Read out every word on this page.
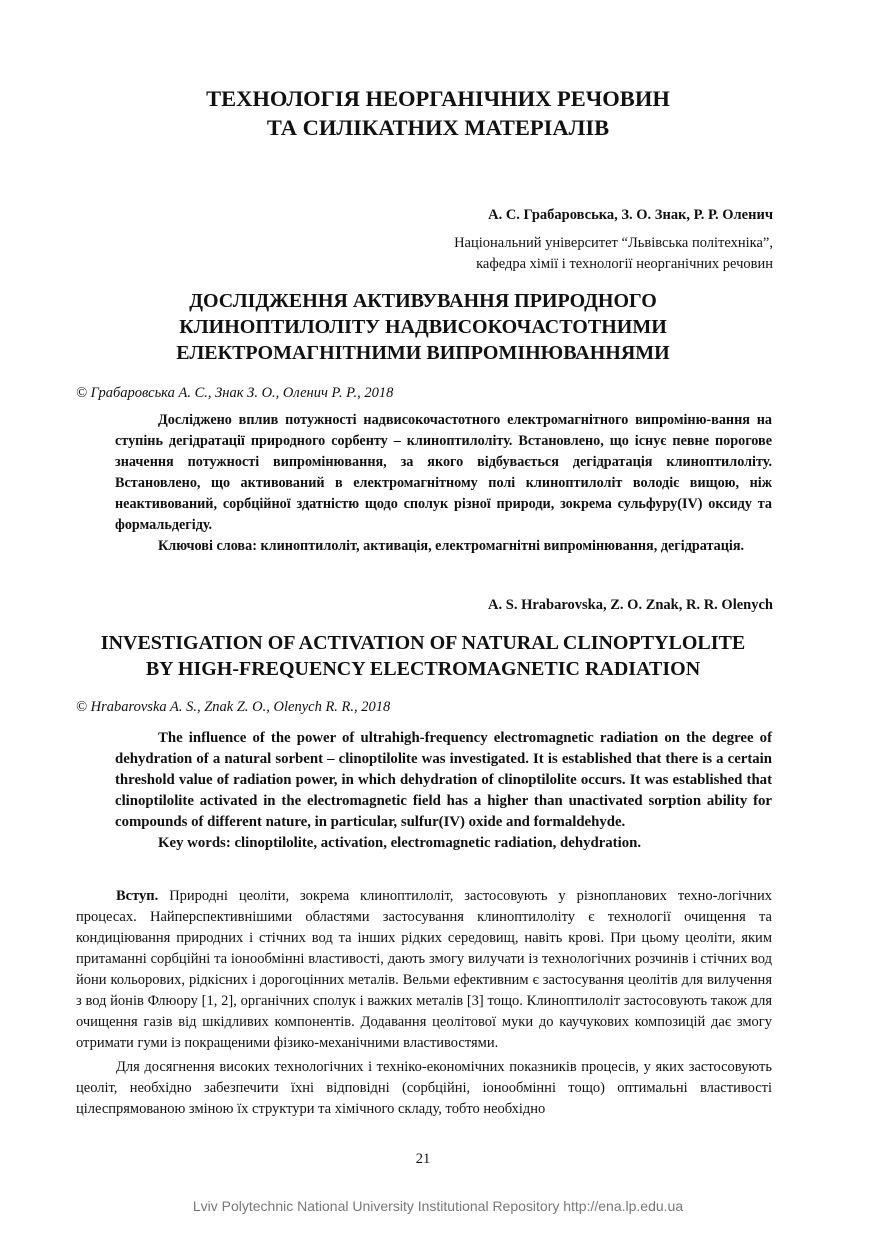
ТЕХНОЛОГІЯ НЕОРГАНІЧНИХ РЕЧОВИН
ТА СИЛІКАТНИХ МАТЕРІАЛІВ
А. С. Грабаровська, З. О. Знак, Р. Р. Оленич
Національний університет “Львівська політехніка”,
кафедра хімії і технології неорганічних речовин
ДОСЛІДЖЕННЯ АКТИВУВАННЯ ПРИРОДНОГО
КЛИНОПТИЛОЛІТУ НАДВИСОКОЧАСТОТНИМИ
ЕЛЕКТРОМАГНІТНИМИ ВИПРОМІНЮВАННЯМИ
© Грабаровська А. С., Знак З. О., Оленич Р. Р., 2018

Досліджено вплив потужності надвисокочастотного електромагнітного випроміню-вання на ступінь дегідратації природного сорбенту – клиноптилоліту. Встановлено, що існує певне порогове значення потужності випромінювання, за якого відбувається дегідратація клиноптилоліту. Встановлено, що активований в електромагнітному полі клиноптилоліт володіє вищою, ніж неактивований, сорбційної здатністю щодо сполук різної природи, зокрема сульфуру(IV) оксиду та формальдегіду.

Ключові слова: клиноптилоліт, активація, електромагнітні випромінювання, дегідратація.

A. S. Hrabarovska, Z. O. Znak, R. R. Olenych
INVESTIGATION OF ACTIVATION OF NATURAL CLINOPTYLOLITE
BY HIGH-FREQUENCY ELECTROMAGNETIC RADIATION
© Hrabarovska A. S., Znak Z. O., Olenych R. R., 2018

The influence of the power of ultrahigh-frequency electromagnetic radiation on the degree of dehydration of a natural sorbent – clinoptilolite was investigated. It is established that there is a certain threshold value of radiation power, in which dehydration of clinoptilolite occurs. It was established that clinoptilolite activated in the electromagnetic field has a higher than unactivated sorption ability for compounds of different nature, in particular, sulfur(IV) oxide and formaldehyde.

Key words: clinoptilolite, activation, electromagnetic radiation, dehydration.

Вступ. Природні цеоліти, зокрема клиноптилоліт, застосовують у різнопланових техно-логічних процесах. Найперспективнішими областями застосування клиноптилоліту є технології очищення та кондиціювання природних і стічних вод та інших рідких середовищ, навіть крові. При цьому цеоліти, яким притаманні сорбційні та іонообмінні властивості, дають змогу вилучати із технологічних розчинів і стічних вод йони кольорових, рідкісних і дорогоцінних металів. Вельми ефективним є застосування цеолітів для вилучення з вод йонів Флюору [1, 2], органічних сполук і важких металів [3] тощо. Клиноптилоліт застосовують також для очищення газів від шкідливих компонентів. Додавання цеолітової муки до каучукових композицій дає змогу отримати гуми із покращеними фізико-механічними властивостями.

Для досягнення високих технологічних і техніко-економічних показників процесів, у яких застосовують цеоліт, необхідно забезпечити їхні відповідні (сорбційні, іонообмінні тощо) оптимальні властивості цілеспрямованою зміною їх структури та хімічного складу, тобто необхідно

21
Lviv Polytechnic National University Institutional Repository http://ena.lp.edu.ua
